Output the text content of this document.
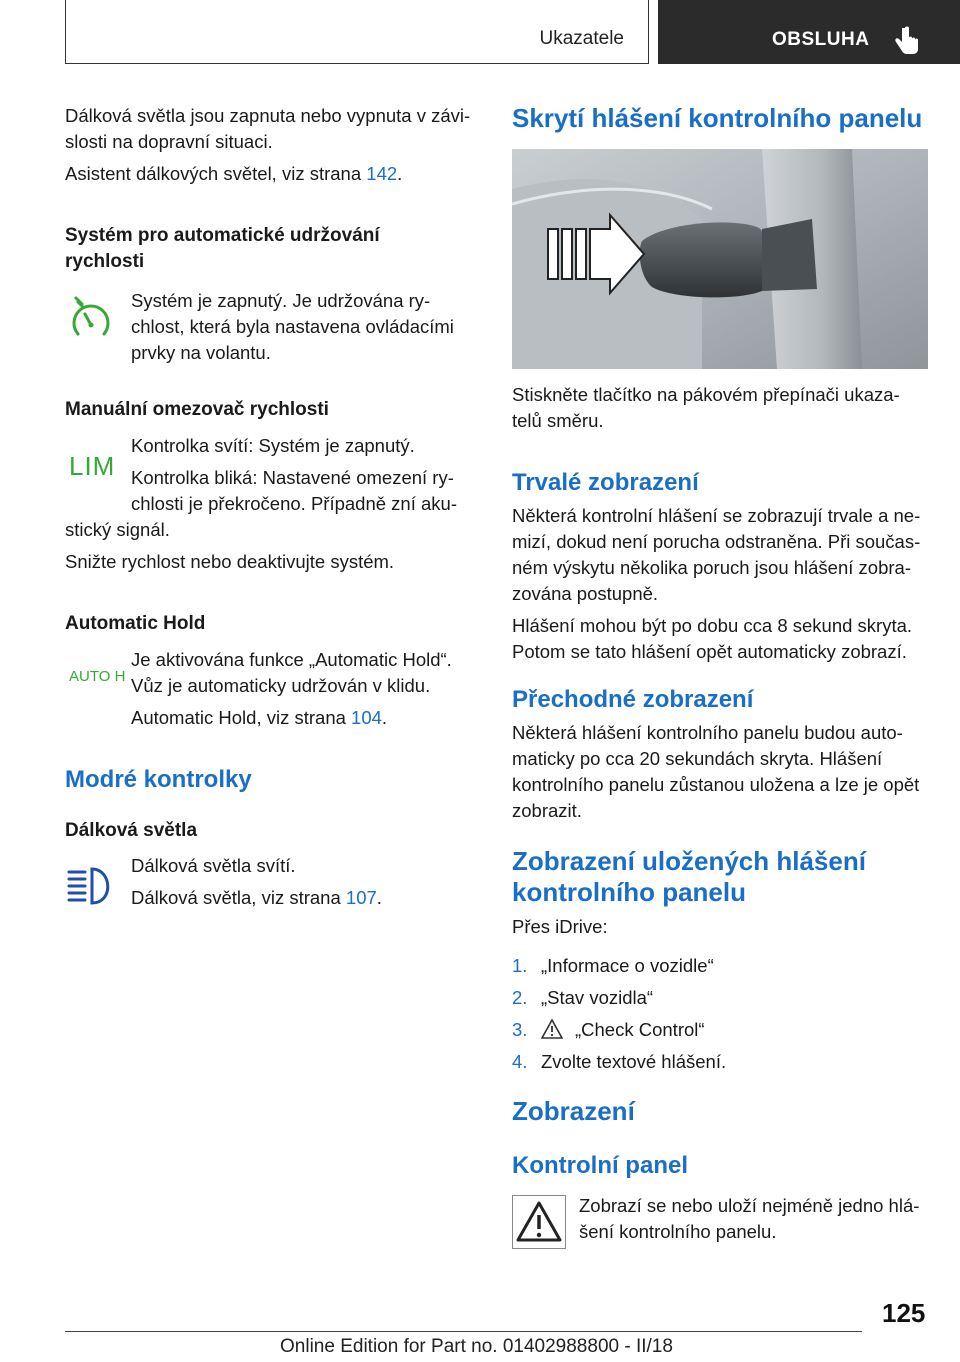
Ukazatele	OBSLUHA

Dálková světla jsou zapnuta nebo vypnuta v závi‐

slosti na dopravní situaci.

Asistent dálkových světel, viz strana 142.

Systém pro automatické udržování
rychlosti

Systém je zapnutý. Je udržována ry‐

chlost, která byla nastavena ovládacími

prvky na volantu.

Manuální omezovač rychlosti
LIM

Kontrolka svítí: Systém je zapnutý.

Kontrolka bliká: Nastavené omezení ry‐

chlosti je překročeno. Případně zní aku‐

stický signál.

Snižte rychlost nebo deaktivujte systém.

Automatic Hold
AUTO H

Je aktivována funkce „Automatic Hold“.

Vůz je automaticky udržován v klidu.

Automatic Hold, viz strana 104.

Modré kontrolky
Dálková světla

Dálková světla svítí.

Dálková světla, viz strana 107.

Skrytí hlášení kontrolního panelu

Stiskněte tlačítko na pákovém přepínači ukaza‐

telů směru.

Trvalé zobrazení

Některá kontrolní hlášení se zobrazují trvale a ne‐

mizí, dokud není porucha odstraněna. Při součas‐

ném výskytu několika poruch jsou hlášení zobra‐

zována postupně.

Hlášení mohou být po dobu cca 8 sekund skryta.

Potom se tato hlášení opět automaticky zobrazí.

Přechodné zobrazení

Některá hlášení kontrolního panelu budou auto‐

maticky po cca 20 sekundách skryta. Hlášení

kontrolního panelu zůstanou uložena a lze je opět

zobrazit.

Zobrazení uložených hlášení
kontrolního panelu

Přes iDrive:

1. „Informace o vozidle“
2. „Stav vozidla“
3.	„Check Control“
4. Zvolte textové hlášení.
Zobrazení
Kontrolní panel

Zobrazí se nebo uloží nejméně jedno hlá‐

šení kontrolního panelu.

125
Online Edition for Part no. 01402988800 - II/18
